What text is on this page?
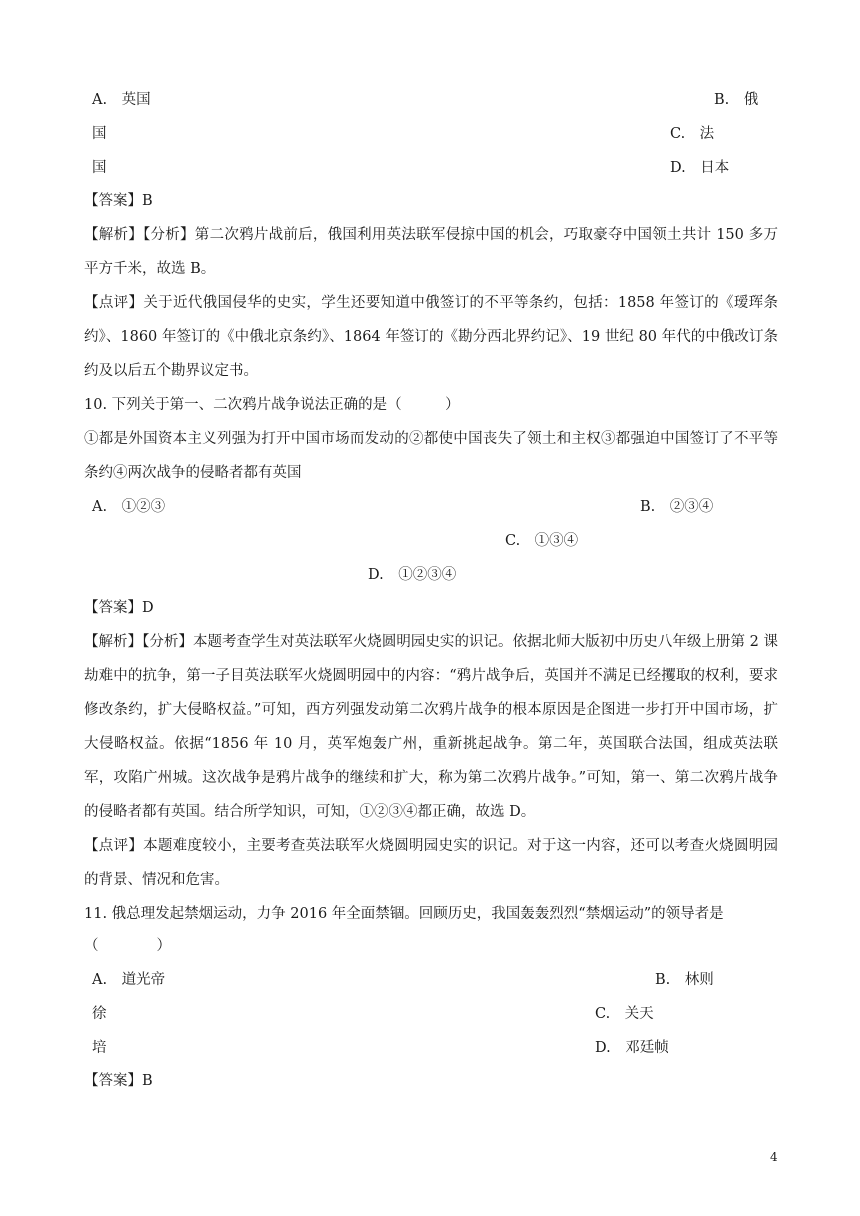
A.　英国	B.　俄
国	C.　法
国	D.　日本
【答案】B
【解析】【分析】第二次鸦片战前后，俄国利用英法联军侵掠中国的机会，巧取豪夺中国领土共计 150 多万平方千米，故选 B。
【点评】关于近代俄国侵华的史实，学生还要知道中俄签订的不平等条约，包括：1858 年签订的《瑷珲条约》、1860 年签订的《中俄北京条约》、1864 年签订的《勘分西北界约记》、19 世纪 80 年代的中俄改订条约及以后五个勘界议定书。
10. 下列关于第一、二次鸦片战争说法正确的是（　　　）
①都是外国资本主义列强为打开中国市场而发动的②都使中国丧失了领土和主权③都强迫中国签订了不平等条约④两次战争的侵略者都有英国
A.　①②③	B.　②③④
C.　①③④
D.　①②③④
【答案】D
【解析】【分析】本题考查学生对英法联军火烧圆明园史实的识记。依据北师大版初中历史八年级上册第 2 课劫难中的抗争，第一子目英法联军火烧圆明园中的内容：“鸦片战争后，英国并不满足已经攫取的权利，要求修改条约，扩大侵略权益。”可知，西方列强发动第二次鸦片战争的根本原因是企图进一步打开中国市场，扩大侵略权益。依据“1856 年 10 月，英军炮轰广州，重新挑起战争。第二年，英国联合法国，组成英法联军，攻陷广州城。这次战争是鸦片战争的继续和扩大，称为第二次鸦片战争。”可知，第一、第二次鸦片战争的侵略者都有英国。结合所学知识，可知，①②③④都正确，故选 D。
【点评】本题难度较小，主要考查英法联军火烧圆明园史实的识记。对于这一内容，还可以考查火烧圆明园的背景、情况和危害。
11. 俄总理发起禁烟运动，力争 2016 年全面禁锢。回顾历史，我国轰轰烈烈“禁烟运动”的领导者是
（　　　　）
A.　道光帝	B.　林则
徐	C.　关天
培	D.　邓廷帧
【答案】B
4
